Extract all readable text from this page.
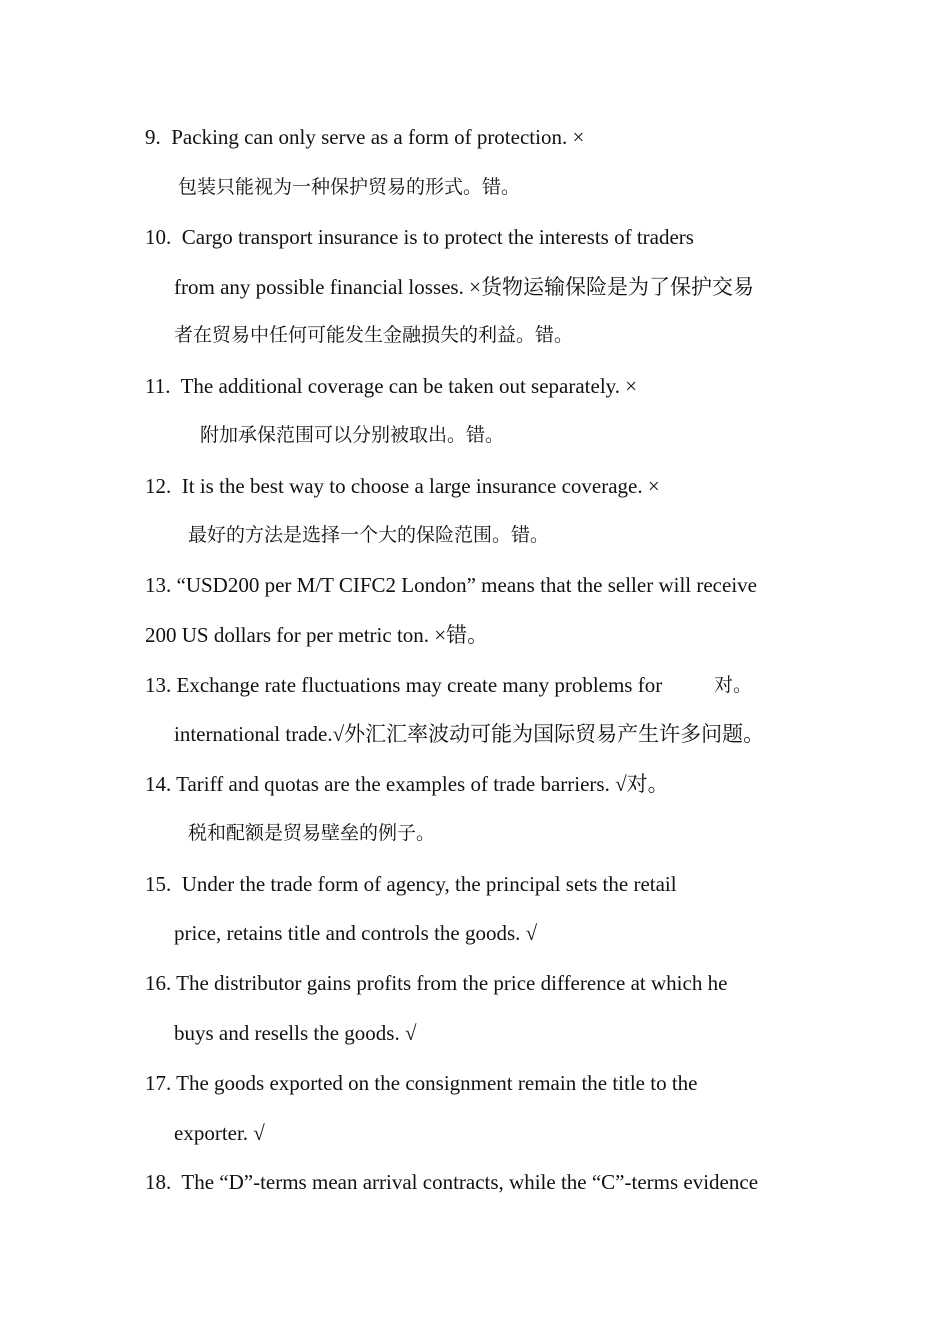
9. Packing can only serve as a form of protection. ×
包装只能视为一种保护贸易的形式。错。
10. Cargo transport insurance is to protect the interests of traders
from any possible financial losses. ×货物运输保险是为了保护交易
者在贸易中任何可能发生金融损失的利益。错。
11. The additional coverage can be taken out separately. ×
附加承保范围可以分别被取出。错。
12. It is the best way to choose a large insurance coverage. ×
最好的方法是选择一个大的保险范围。错。
13. “USD200 per M/T CIFC2 London” means that the seller will receive
200 US dollars for per metric ton. ×错。
13. Exchange rate fluctuations may create many problems for	对。
international trade.√外汇汇率波动可能为国际贸易产生许多问题。
14. Tariff and quotas are the examples of trade barriers. √对。
税和配额是贸易壁垒的例子。
15. Under the trade form of agency, the principal sets the retail
price, retains title and controls the goods. √
16. The distributor gains profits from the price difference at which he
buys and resells the goods. √
17. The goods exported on the consignment remain the title to the
exporter. √
18. The “D”-terms mean arrival contracts, while the “C”-terms evidence
